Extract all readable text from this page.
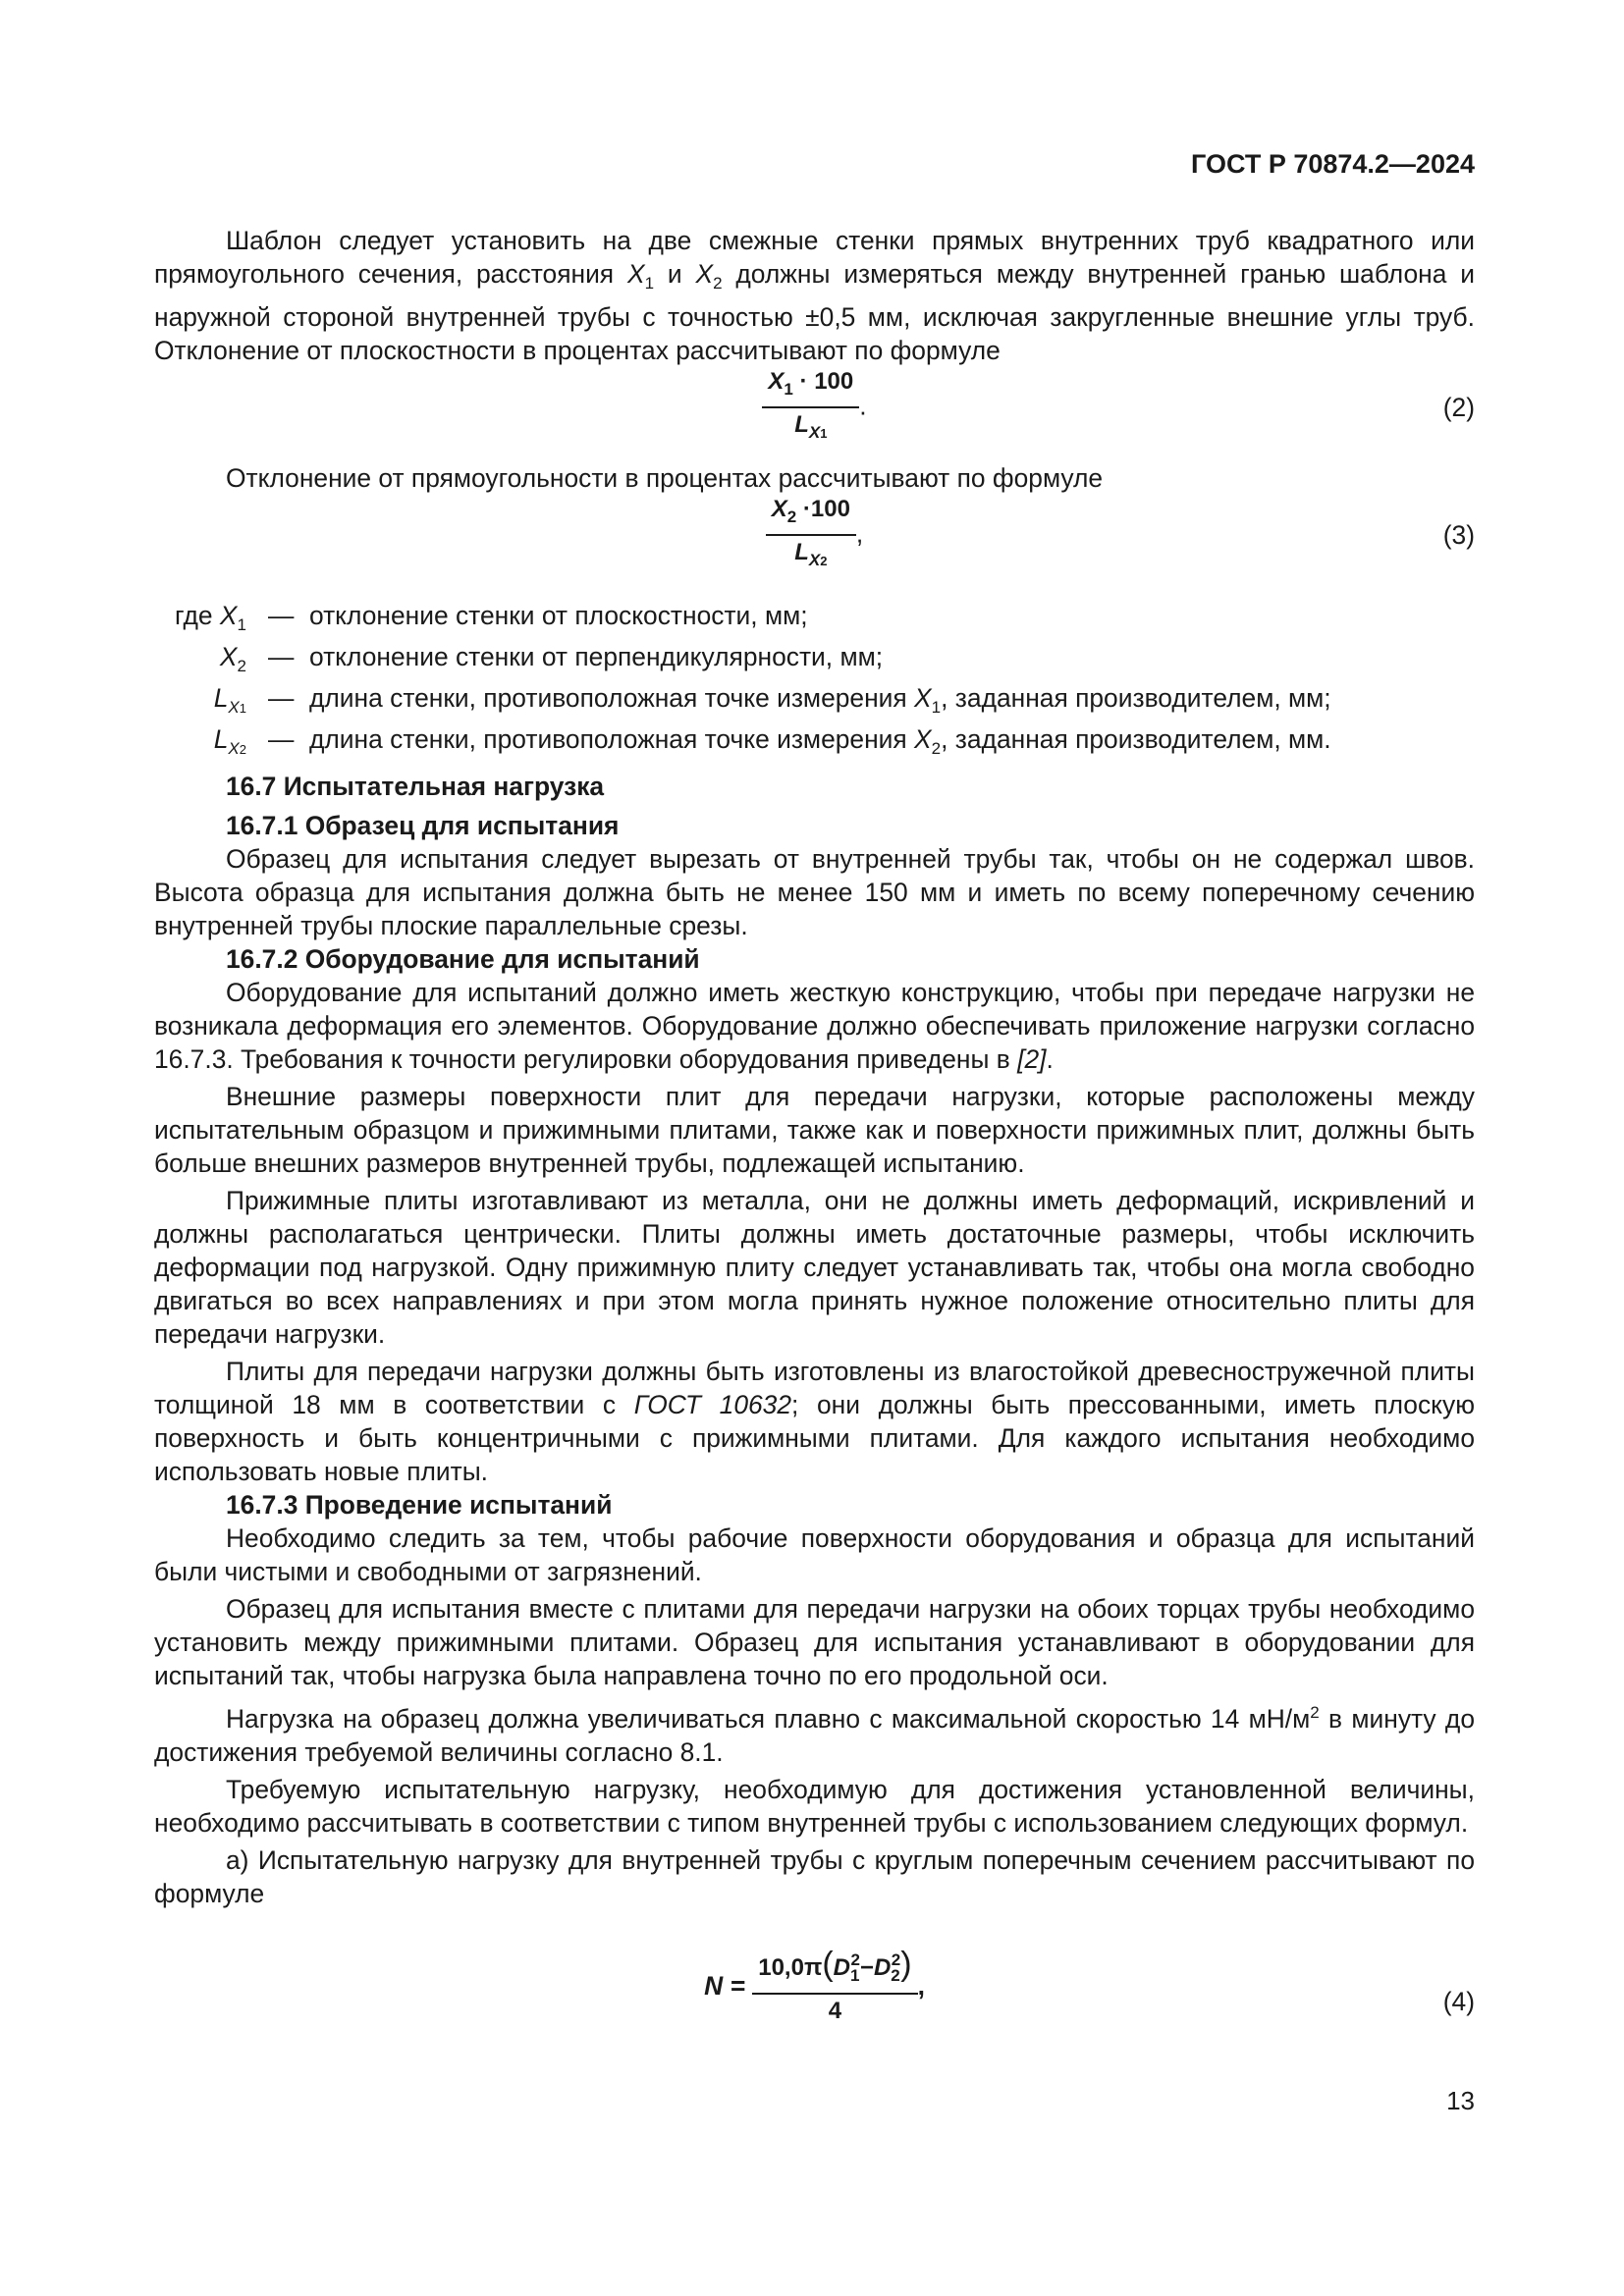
ГОСТ Р 70874.2—2024

Шаблон следует установить на две смежные стенки прямых внутренних труб квадратного или прямоугольного сечения, расстояния $X_1$ и $X_2$ должны измеряться между внутренней гранью шаблона и наружной стороной внутренней трубы с точностью ±0,5 мм, исключая закругленные внешние углы труб. Отклонение от плоскостности в процентах рассчитывают по формуле

$\frac{X_1 \cdot 100}{L_{X1}}$ .	(2)

Отклонение от прямоугольности в процентах рассчитывают по формуле

$\frac{X_2 \cdot 100}{L_{X2}}$ ,	(3)
где $X_1$ — отклонение стенки от плоскостности, мм;
$X_2$ — отклонение стенки от перпендикулярности, мм;
$L_{X1}$ — длина стенки, противоположная точке измерения $X_1$, заданная производителем, мм;
$L_{X2}$ — длина стенки, противоположная точке измерения $X_2$, заданная производителем, мм.

16.7 Испытательная нагрузка

16.7.1 Образец для испытания

Образец для испытания следует вырезать от внутренней трубы так, чтобы он не содержал швов. Высота образца для испытания должна быть не менее 150 мм и иметь по всему поперечному сечению внутренней трубы плоские параллельные срезы.

16.7.2 Оборудование для испытаний

Оборудование для испытаний должно иметь жесткую конструкцию, чтобы при передаче нагрузки не возникала деформация его элементов. Оборудование должно обеспечивать приложение нагрузки согласно 16.7.3. Требования к точности регулировки оборудования приведены в [2].

Внешние размеры поверхности плит для передачи нагрузки, которые расположены между испытательным образцом и прижимными плитами, также как и поверхности прижимных плит, должны быть больше внешних размеров внутренней трубы, подлежащей испытанию.

Прижимные плиты изготавливают из металла, они не должны иметь деформаций, искривлений и должны располагаться центрически. Плиты должны иметь достаточные размеры, чтобы исключить деформации под нагрузкой. Одну прижимную плиту следует устанавливать так, чтобы она могла свободно двигаться во всех направлениях и при этом могла принять нужное положение относительно плиты для передачи нагрузки.

Плиты для передачи нагрузки должны быть изготовлены из влагостойкой древесностружечной плиты толщиной 18 мм в соответствии с ГОСТ 10632; они должны быть прессованными, иметь плоскую поверхность и быть концентричными с прижимными плитами. Для каждого испытания необходимо использовать новые плиты.

16.7.3 Проведение испытаний

Необходимо следить за тем, чтобы рабочие поверхности оборудования и образца для испытаний были чистыми и свободными от загрязнений.

Образец для испытания вместе с плитами для передачи нагрузки на обоих торцах трубы необходимо установить между прижимными плитами. Образец для испытания устанавливают в оборудовании для испытаний так, чтобы нагрузка была направлена точно по его продольной оси.

Нагрузка на образец должна увеличиваться плавно с максимальной скоростью 14 $мН/м^2$ в минуту до достижения требуемой величины согласно 8.1.

Требуемую испытательную нагрузку, необходимую для достижения установленной величины, необходимо рассчитывать в соответствии с типом внутренней трубы с использованием следующих формул.

а) Испытательную нагрузку для внутренней трубы с круглым поперечным сечением рассчитывают по формуле

$N = \frac{10,0\pi(D_1^2-D_2^2)}{4}$ ,
(4)
13
